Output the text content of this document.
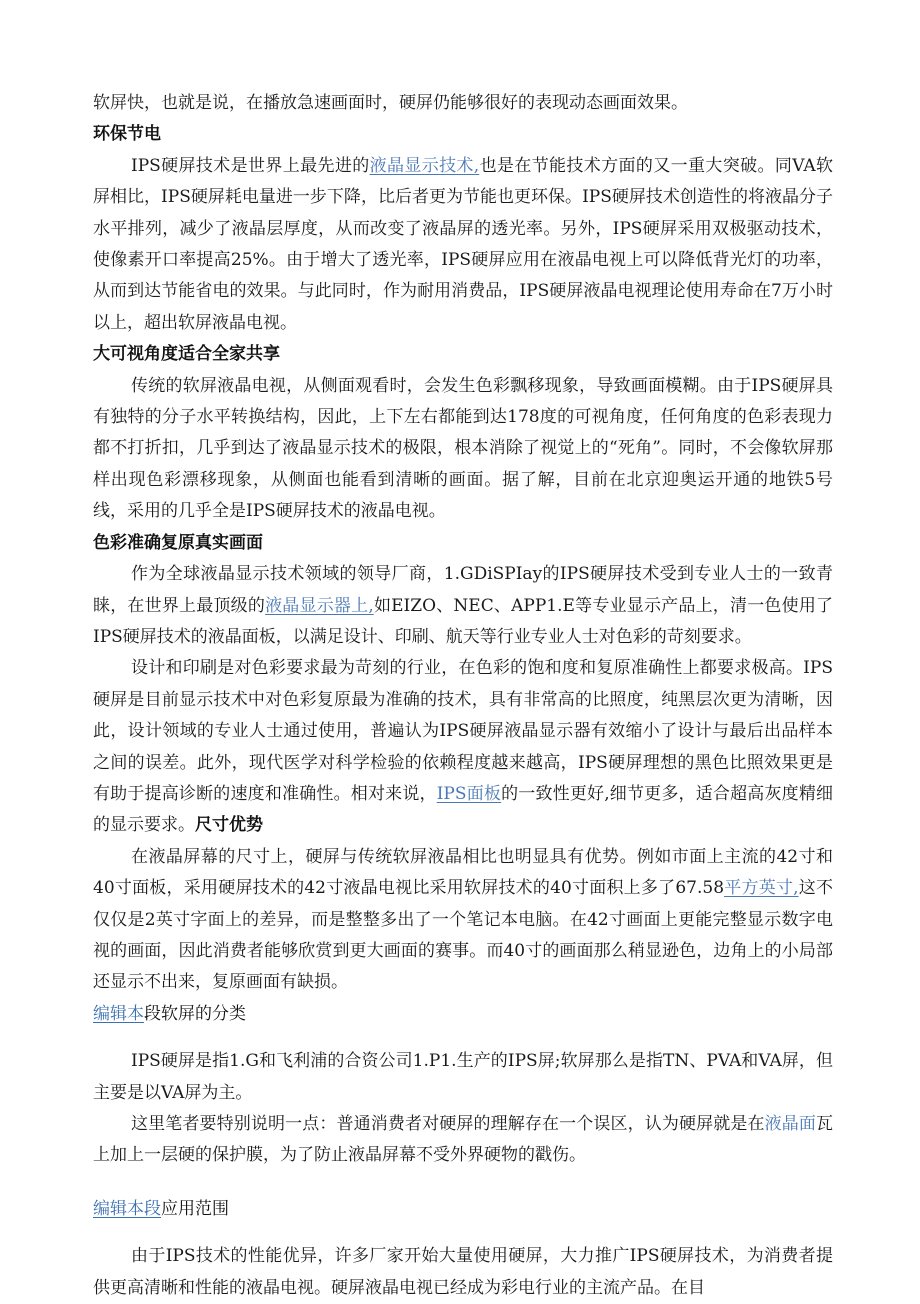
软屏快，也就是说，在播放急速画面时，硬屏仍能够很好的表现动态画面效果。

环保节电

IPS硬屏技术是世界上最先进的液晶显示技术,也是在节能技术方面的又一重大突破。同VA软屏相比，IPS硬屏耗电量进一步下降，比后者更为节能也更环保。IPS硬屏技术创造性的将液晶分子水平排列，减少了液晶层厚度，从而改变了液晶屏的透光率。另外，IPS硬屏采用双极驱动技术，使像素开口率提高25%。由于增大了透光率，IPS硬屏应用在液晶电视上可以降低背光灯的功率，从而到达节能省电的效果。与此同时，作为耐用消费品，IPS硬屏液晶电视理论使用寿命在7万小时以上，超出软屏液晶电视。

大可视角度适合全家共享

传统的软屏液晶电视，从侧面观看时，会发生色彩飘移现象，导致画面模糊。由于IPS硬屏具有独特的分子水平转换结构，因此，上下左右都能到达178度的可视角度，任何角度的色彩表现力都不打折扣，几乎到达了液晶显示技术的极限，根本消除了视觉上的“死角”。同时，不会像软屏那样出现色彩漂移现象，从侧面也能看到清晰的画面。据了解，目前在北京迎奥运开通的地铁5号线，采用的几乎全是IPS硬屏技术的液晶电视。

色彩准确复原真实画面

作为全球液晶显示技术领域的领导厂商，1.GDiSPIay的IPS硬屏技术受到专业人士的一致青睐，在世界上最顶级的液晶显示器上,如EIZO、NEC、APP1.E等专业显示产品上，清一色使用了IPS硬屏技术的液晶面板，以满足设计、印刷、航天等行业专业人士对色彩的苛刻要求。

设计和印刷是对色彩要求最为苛刻的行业，在色彩的饱和度和复原准确性上都要求极高。IPS硬屏是目前显示技术中对色彩复原最为准确的技术，具有非常高的比照度，纯黑层次更为清晰，因此，设计领域的专业人士通过使用，普遍认为IPS硬屏液晶显示器有效缩小了设计与最后出品样本之间的误差。此外，现代医学对科学检验的依赖程度越来越高，IPS硬屏理想的黑色比照效果更是有助于提高诊断的速度和准确性。相对来说，IPS面板的一致性更好,细节更多，适合超高灰度精细的显示要求。尺寸优势

在液晶屏幕的尺寸上，硬屏与传统软屏液晶相比也明显具有优势。例如市面上主流的42寸和40寸面板，采用硬屏技术的42寸液晶电视比采用软屏技术的40寸面积上多了67.58平方英寸,这不仅仅是2英寸字面上的差异，而是整整多出了一个笔记本电脑。在42寸画面上更能完整显示数字电视的画面，因此消费者能够欣赏到更大画面的赛事。而40寸的画面那么稍显逊色，边角上的小局部还显示不出来，复原画面有缺损。

编辑本段软屏的分类

IPS硬屏是指1.G和飞利浦的合资公司1.P1.生产的IPS屏;软屏那么是指TN、PVA和VA屏，但主要是以VA屏为主。

这里笔者要特别说明一点：普通消费者对硬屏的理解存在一个误区，认为硬屏就是在液晶面瓦上加上一层硬的保护膜，为了防止液晶屏幕不受外界硬物的戳伤。

编辑本段应用范围

由于IPS技术的性能优异，许多厂家开始大量使用硬屏，大力推广IPS硬屏技术，为消费者提供更高清晰和性能的液晶电视。硬屏液晶电视已经成为彩电行业的主流产品。在目
